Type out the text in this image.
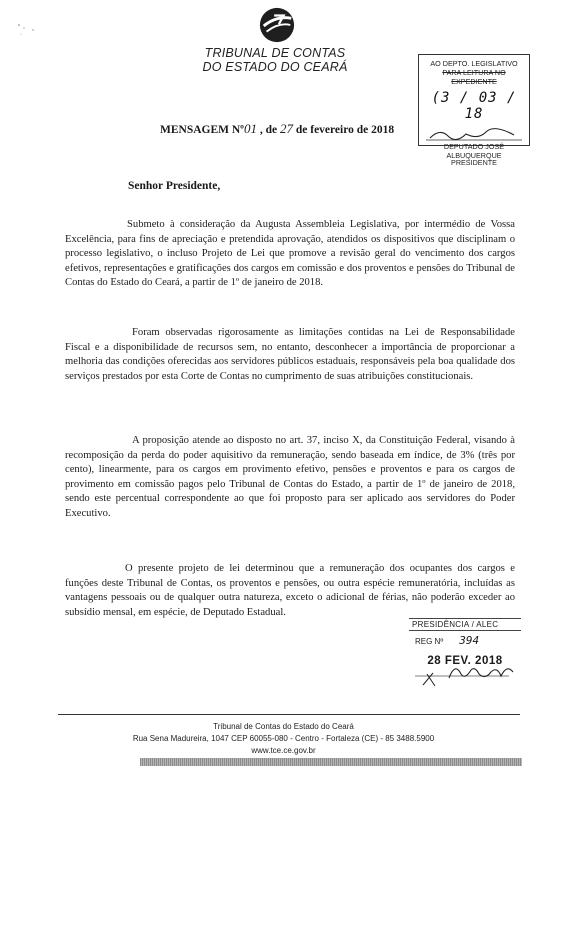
TRIBUNAL DE CONTAS
DO ESTADO DO CEARÁ	AO DEPTO. LEGISLATIVO
PARA LEITURA NO EXPEDIENTE
(3 / 03 / 18
DEPUTADO JOSÉ ALBUQUERQUE
PRESIDENTE
MENSAGEM Nº01 , de 27 de fevereiro de 2018
Senhor Presidente,
Submeto à consideração da Augusta Assembleia Legislativa, por intermédio de Vossa Excelência, para fins de apreciação e pretendida aprovação, atendidos os dispositivos que disciplinam o processo legislativo, o incluso Projeto de Lei que promove a revisão geral do vencimento dos cargos efetivos, representações e gratificações dos cargos em comissão e dos proventos e pensões do Tribunal de Contas do Estado do Ceará, a partir de 1º de janeiro de 2018.
Foram observadas rigorosamente as limitações contidas na Lei de Responsabilidade Fiscal e a disponibilidade de recursos sem, no entanto, desconhecer a importância de proporcionar a melhoria das condições oferecidas aos servidores públicos estaduais, responsáveis pela boa qualidade dos serviços prestados por esta Corte de Contas no cumprimento de suas atribuições constitucionais.
A proposição atende ao disposto no art. 37, inciso X, da Constituição Federal, visando à recomposição da perda do poder aquisitivo da remuneração, sendo baseada em índice, de 3% (três por cento), linearmente, para os cargos em provimento efetivo, pensões e proventos e para os cargos de provimento em comissão pagos pelo Tribunal de Contas do Estado, a partir de 1º de janeiro de 2018, sendo este percentual correspondente ao que foi proposto para ser aplicado aos servidores do Poder Executivo.
O presente projeto de lei determinou que a remuneração dos ocupantes dos cargos e funções deste Tribunal de Contas, os proventos e pensões, ou outra espécie remuneratória, incluídas as vantagens pessoais ou de qualquer outra natureza, exceto o adicional de férias, não poderão exceder ao subsídio mensal, em espécie, de Deputado Estadual.
PRESIDÊNCIA / ALEC
REG Nº 394
28 FEV. 2018
Tribunal de Contas do Estado do Ceará
Rua Sena Madureira, 1047 CEP 60055-080 - Centro - Fortaleza (CE) - 85 3488.5900
www.tce.ce.gov.br
